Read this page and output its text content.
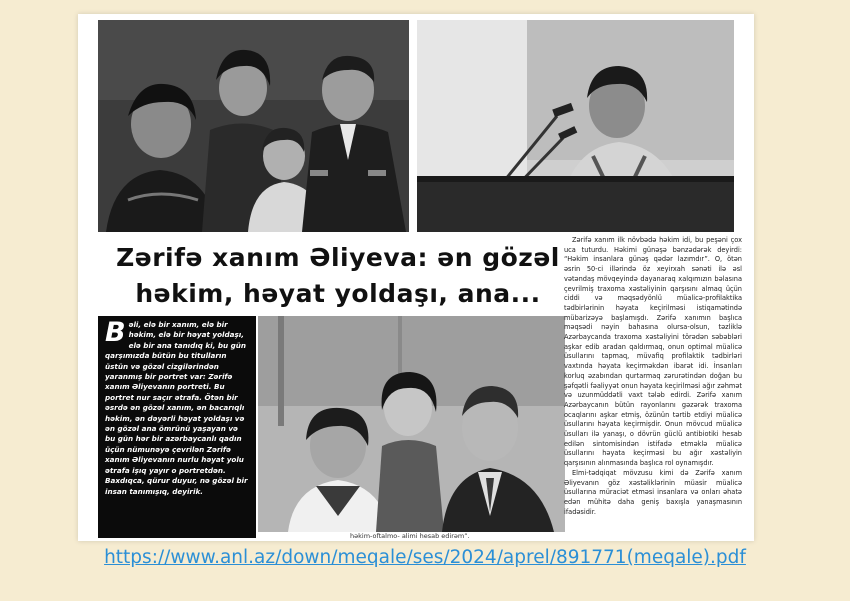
Zərifə xanım Əliyeva: ən gözəl
həkim, həyat yoldaşı, ana...
Bəli, elə bir xanım, elə bir həkim, elə bir həyat yoldaşı, elə bir ana tanıdıq ki, bu gün qarşımızda bütün bu titulların üstün və gözəl cizgilərindən yaranmış bir portret var: Zərifə xanım Əliyevanın portreti. Bu portret nur saçır ətrafa. Ötən bir əsrdə ən gözəl xanım, ən bacarıqlı həkim, ən dəyərli həyat yoldaşı və ən gözəl ana ömrünü yaşayan və bu gün hər bir azərbaycanlı qadın üçün nümunəyə çevrilən Zərifə xanım Əliyevanın nurlu həyat yolu ətrafa işıq yayır o portretdən. Baxdıqca, qürur duyur, nə gözəl bir insan tanımışıq, deyirik.
həkim-oftalmo- alimi hesab edirəm”.

Zərifə xanım ilk növbədə həkim idi, bu peşəni çox uca tuturdu. Həkimi günəşə bənzədərək deyirdi: “Həkim insanlara günəş qədər lazımdır”. O, ötən əsrin 50-ci illərində öz xeyirxah sənəti ilə əsl vətəndaş mövqeyində dayanaraq xalqımızın bəlasına çevrilmiş traxoma xəstəliyinin qarşısını almaq üçün ciddi və məqsədyönlü müalicə-profilaktika tədbirlərinin həyata keçirilməsi istiqamətində mübarizəyə başlamışdı. Zərifə xanımın başlıca məqsədi nəyin bahasına olursa-olsun, təzliklə Azərbaycanda traxoma xəstəliyini törədən səbəbləri aşkar edib aradan qaldırmaq, onun optimal müalicə üsullarını tapmaq, müvafiq profilaktik tədbirləri vaxtında həyata keçirməkdən ibarət idi. İnsanları korluq əzabından qurtarmaq zərurətindən doğan bu şəfqətli fəaliyyət onun həyata keçirilməsi ağır zəhmət və uzunmüddətli vaxt tələb edirdi. Zərifə xanım Azərbaycanın bütün rayonlarını gəzərək traxoma ocaqlarını aşkar etmiş, özünün tərtib etdiyi müalicə üsullarını həyata keçirmişdir. Onun mövcud müalicə üsulları ilə yanaşı, o dövrün güclü antibiotiki hesab edilən sintomisindən istifadə etməklə müalicə üsullarını həyata keçirməsi bu ağır xəstəliyin qarşısının alınmasında başlıca rol oynamışdır.

Elmi-tədqiqat mövzusu kimi də Zərifə xanım Əliyevanın göz xəstəliklərinin müasir müalicə üsullarına müraciət etməsi insanlara və onları əhatə edən mühitə daha geniş baxışla yanaşmasının ifadəsidir.

https://www.anl.az/down/meqale/ses/2024/aprel/891771(meqale).pdf
